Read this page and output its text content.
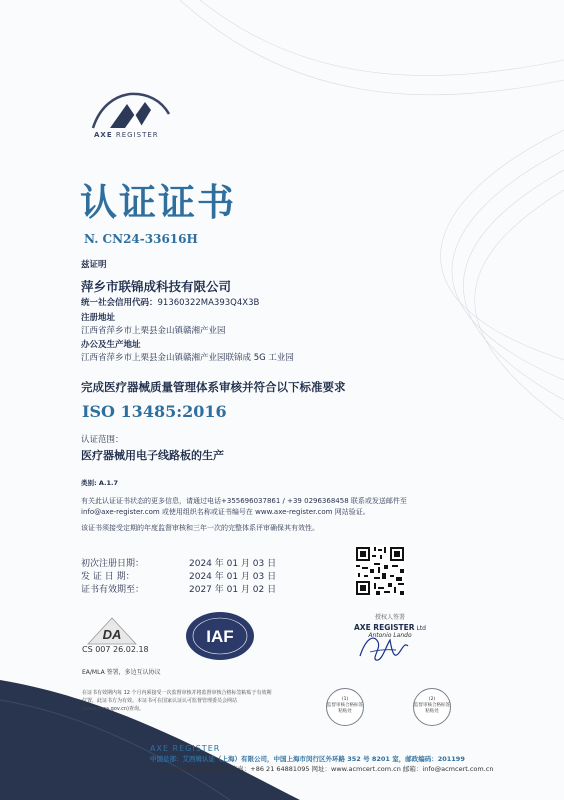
AXE REGISTER
认证证书
N. CN24-33616H
兹证明
萍乡市联锦成科技有限公司
统一社会信用代码：91360322MA393Q4X3B
注册地址
江西省萍乡市上栗县金山镇赣湘产业园
办公及生产地址
江西省萍乡市上栗县金山镇赣湘产业园联锦成 5G 工业园
完成医疗器械质量管理体系审核并符合以下标准要求
ISO 13485:2016
认证范围：
医疗器械用电子线路板的生产
类别: A.1.7
有关此认证证书状态的更多信息，请通过电话+355696037861 / +39 0296368458 联系或发送邮件至
info@axe-register.com 或使用组织名称或证书编号在 www.axe-register.com 网站验证。
该证书须接受定期的年度监督审核和三年一次的完整体系评审确保其有效性。
初次注册日期：	2024 年 01 月 03 日
发 证 日 期：	2024 年 01 月 03 日
证书有效期至：	2027 年 01 月 02 日
授权人签署
AXE REGISTER Ltd
Antonio Lando
DA
CS 007 26.02.18
IAF
EA/MLA 签署，多边互认协议
在证书有效期内每 12 个月内须接受一次监督审核并将监督审核合格标签粘贴于有效期位置，此证书方为有效。本证书可在国家认证认可监督管理委员会网站(www.cnca.gov.cn)查询。
(1)
监督审核合格标签粘贴处
(2)
监督审核合格标签粘贴处
AXE REGISTER
中国总部：艾西姆认证（上海）有限公司，中国上海市闵行区外环路 352 号 8201 室，邮政编码：201199
电话：+86 21 64305860 传真：+86 21 64881095 网址：www.acmcert.com.cn 邮箱：info@acmcert.com.cn
